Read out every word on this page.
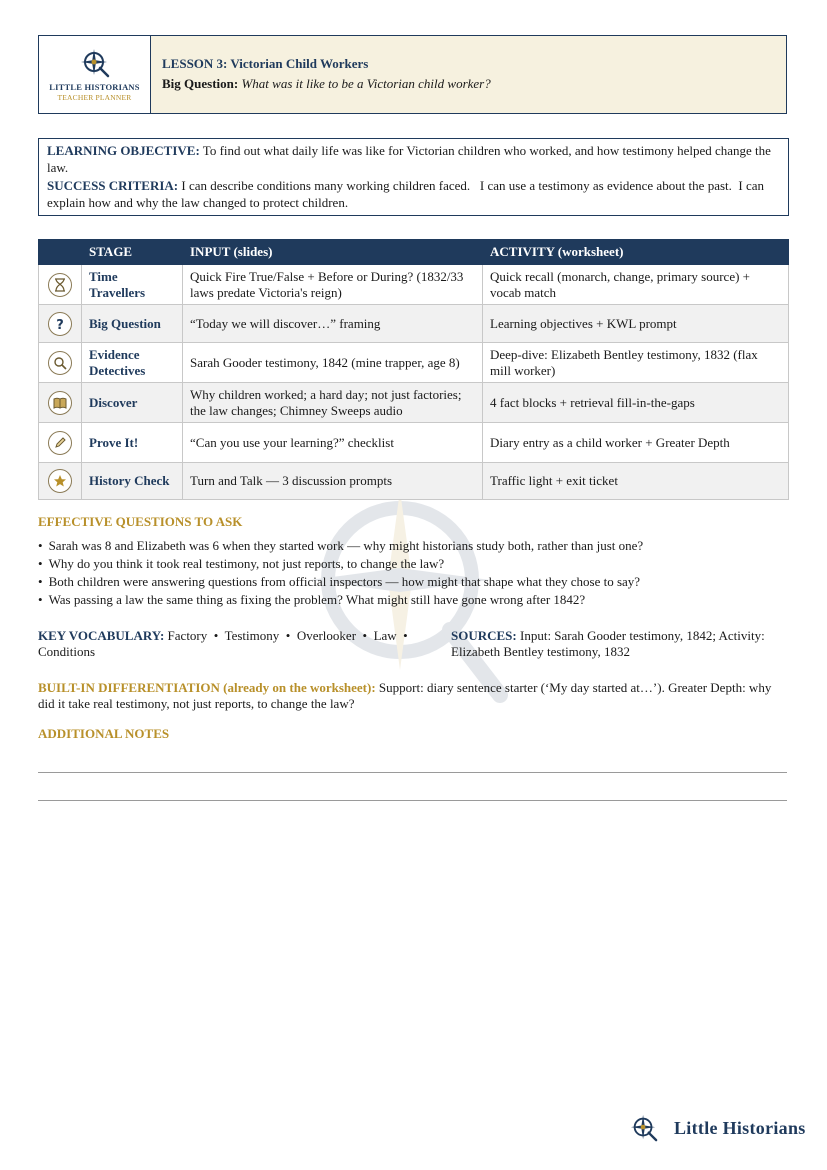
LITTLE HISTORIANS
TEACHER PLANNER
LESSON 3: Victorian Child Workers
Big Question: What was it like to be a Victorian child worker?

LEARNING OBJECTIVE: To find out what daily life was like for Victorian children who worked, and how testimony helped change the law.

SUCCESS CRITERIA: I can describe conditions many working children faced.   I can use a testimony as evidence about the past.  I can explain how and why the law changed to protect children.

	STAGE	INPUT (slides)	ACTIVITY (worksheet)

	Time Travellers	Quick Fire True/False + Before or During? (1832/33 laws predate Victoria's reign)	Quick recall (monarch, change, primary source) + vocab match

?	Big Question	“Today we will discover…” framing	Learning objectives + KWL prompt

	Evidence Detectives	Sarah Gooder testimony, 1842 (mine trapper, age 8)	Deep-dive: Elizabeth Bentley testimony, 1832 (flax mill worker)

	Discover	Why children worked; a hard day; not just factories; the law changes; Chimney Sweeps audio	4 fact blocks + retrieval fill-in-the-gaps

	Prove It!	“Can you use your learning?” checklist	Diary entry as a child worker + Greater Depth

	History Check	Turn and Talk — 3 discussion prompts	Traffic light + exit ticket
EFFECTIVE QUESTIONS TO ASK
• Sarah was 8 and Elizabeth was 6 when they started work — why might historians study both, rather than just one?
• Why do you think it took real testimony, not just reports, to change the law?
• Both children were answering questions from official inspectors — how might that shape what they chose to say?
• Was passing a law the same thing as fixing the problem? What might still have gone wrong after 1842?
KEY VOCABULARY: Factory  •  Testimony  •  Overlooker  •  Law  •  Conditions
SOURCES: Input: Sarah Gooder testimony, 1842; Activity: Elizabeth Bentley testimony, 1832
BUILT-IN DIFFERENTIATION (already on the worksheet): Support: diary sentence starter (‘My day started at…’). Greater Depth: why did it take real testimony, not just reports, to change the law?
ADDITIONAL NOTES
Little Historians
